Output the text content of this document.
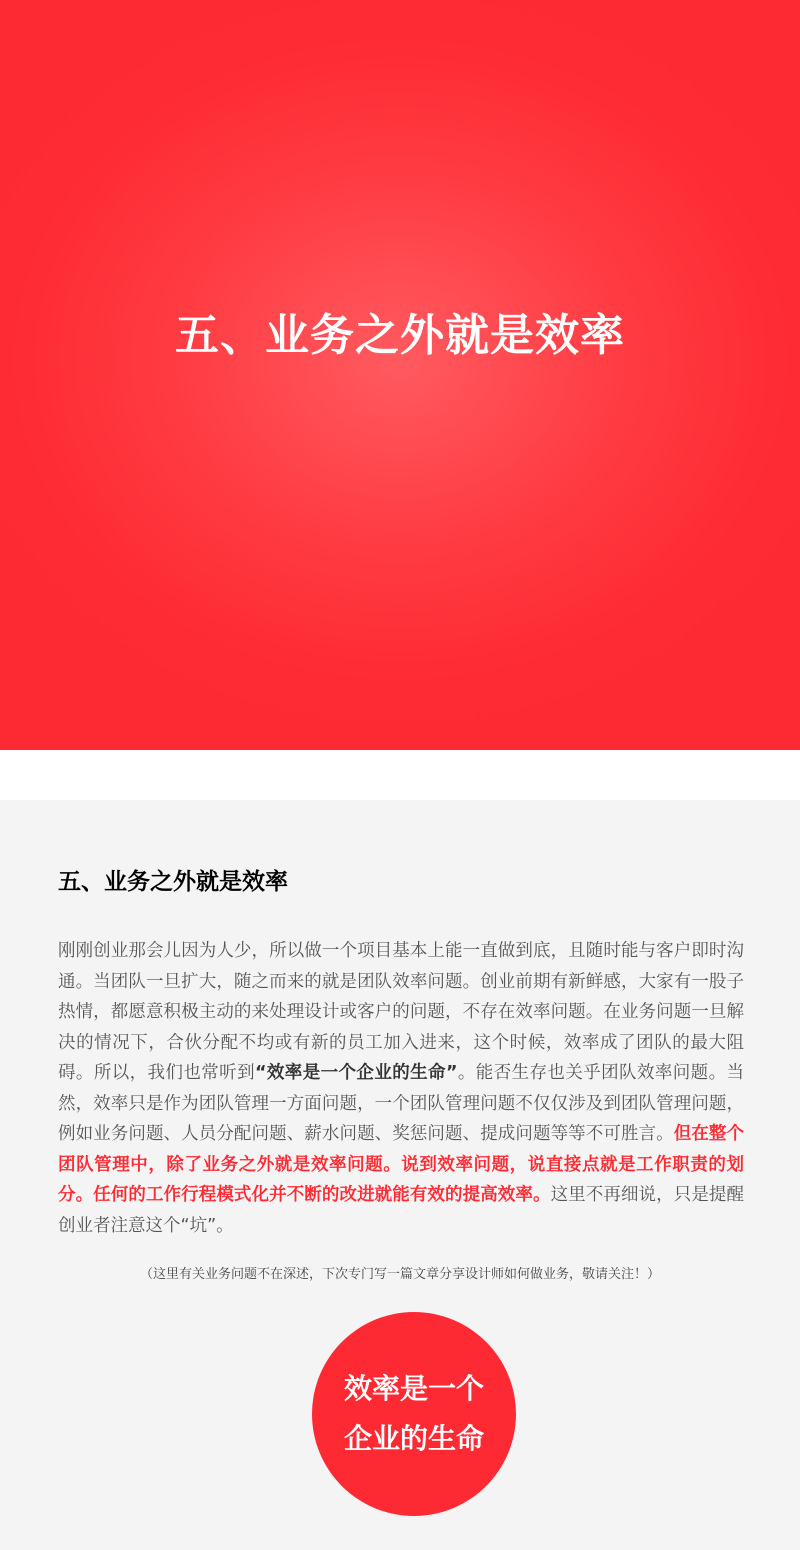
五、业务之外就是效率
五、业务之外就是效率

刚刚创业那会儿因为人少，所以做一个项目基本上能一直做到底，且随时能与客户即时沟通。当团队一旦扩大，随之而来的就是团队效率问题。创业前期有新鲜感，大家有一股子热情，都愿意积极主动的来处理设计或客户的问题，不存在效率问题。在业务问题一旦解决的情况下，合伙分配不均或有新的员工加入进来，这个时候，效率成了团队的最大阻碍。所以，我们也常听到“效率是一个企业的生命”。能否生存也关乎团队效率问题。当然，效率只是作为团队管理一方面问题，一个团队管理问题不仅仅涉及到团队管理问题，例如业务问题、人员分配问题、薪水问题、奖惩问题、提成问题等等不可胜言。但在整个团队管理中，除了业务之外就是效率问题。说到效率问题，说直接点就是工作职责的划分。任何的工作行程模式化并不断的改进就能有效的提高效率。这里不再细说，只是提醒创业者注意这个“坑”。

（这里有关业务问题不在深述，下次专门写一篇文章分享设计师如何做业务，敬请关注！）

效率是一个
企业的生命
